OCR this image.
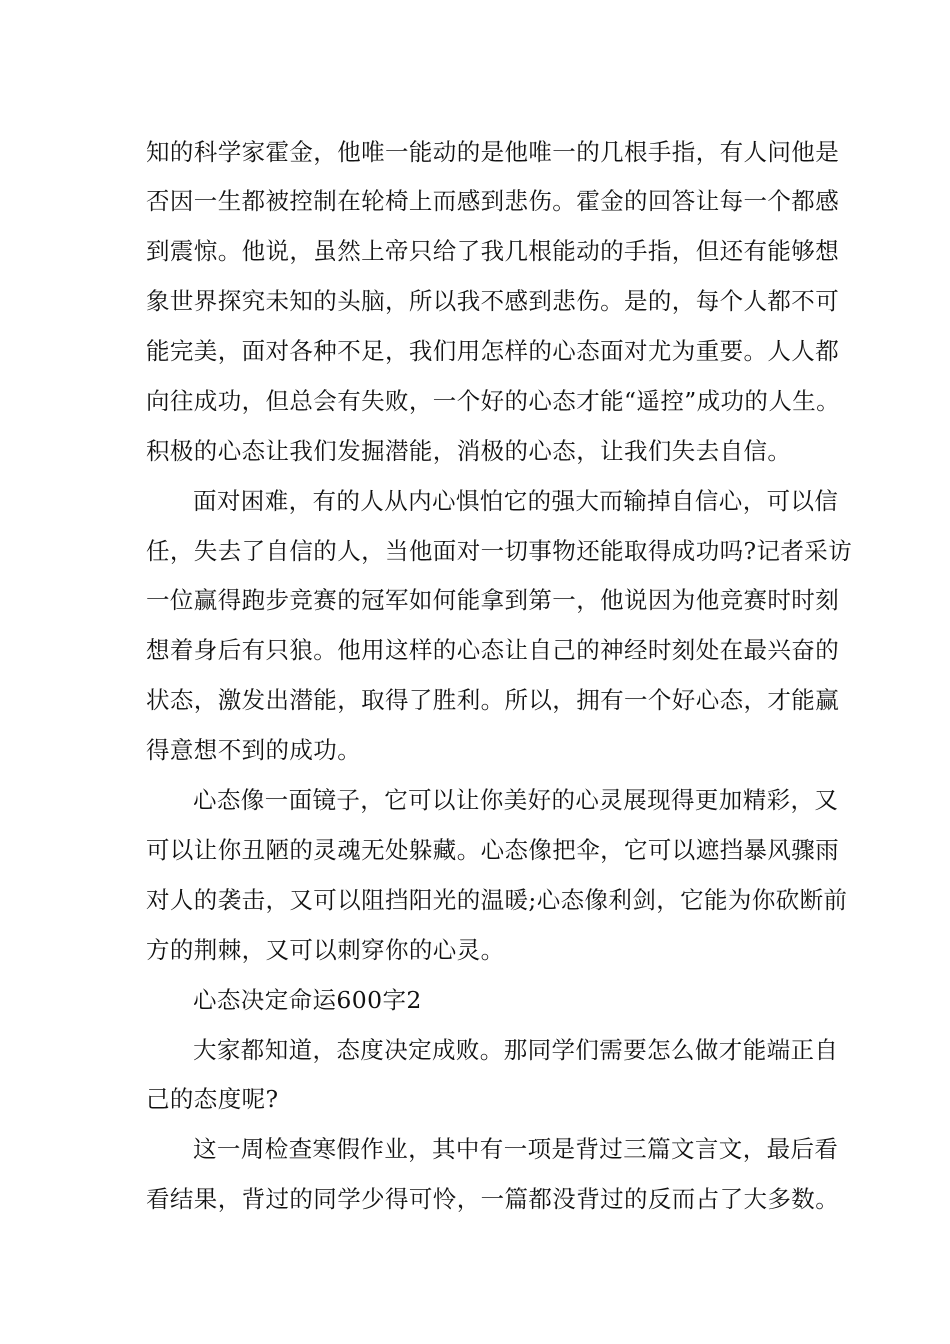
知的科学家霍金，他唯一能动的是他唯一的几根手指，有人问他是
否因一生都被控制在轮椅上而感到悲伤。霍金的回答让每一个都感
到震惊。他说，虽然上帝只给了我几根能动的手指，但还有能够想
象世界探究未知的头脑，所以我不感到悲伤。是的，每个人都不可
能完美，面对各种不足，我们用怎样的心态面对尤为重要。人人都
向往成功，但总会有失败，一个好的心态才能“遥控”成功的人生。
积极的心态让我们发掘潜能，消极的心态，让我们失去自信。
面对困难，有的人从内心惧怕它的强大而输掉自信心，可以信
任，失去了自信的人，当他面对一切事物还能取得成功吗?记者采访
一位赢得跑步竞赛的冠军如何能拿到第一，他说因为他竞赛时时刻
想着身后有只狼。他用这样的心态让自己的神经时刻处在最兴奋的
状态，激发出潜能，取得了胜利。所以，拥有一个好心态，才能赢
得意想不到的成功。
心态像一面镜子，它可以让你美好的心灵展现得更加精彩，又
可以让你丑陋的灵魂无处躲藏。心态像把伞，它可以遮挡暴风骤雨
对人的袭击，又可以阻挡阳光的温暖;心态像利剑，它能为你砍断前
方的荆棘，又可以刺穿你的心灵。
心态决定命运600字2
大家都知道，态度决定成败。那同学们需要怎么做才能端正自
己的态度呢?
这一周检查寒假作业，其中有一项是背过三篇文言文，最后看
看结果，背过的同学少得可怜，一篇都没背过的反而占了大多数。
